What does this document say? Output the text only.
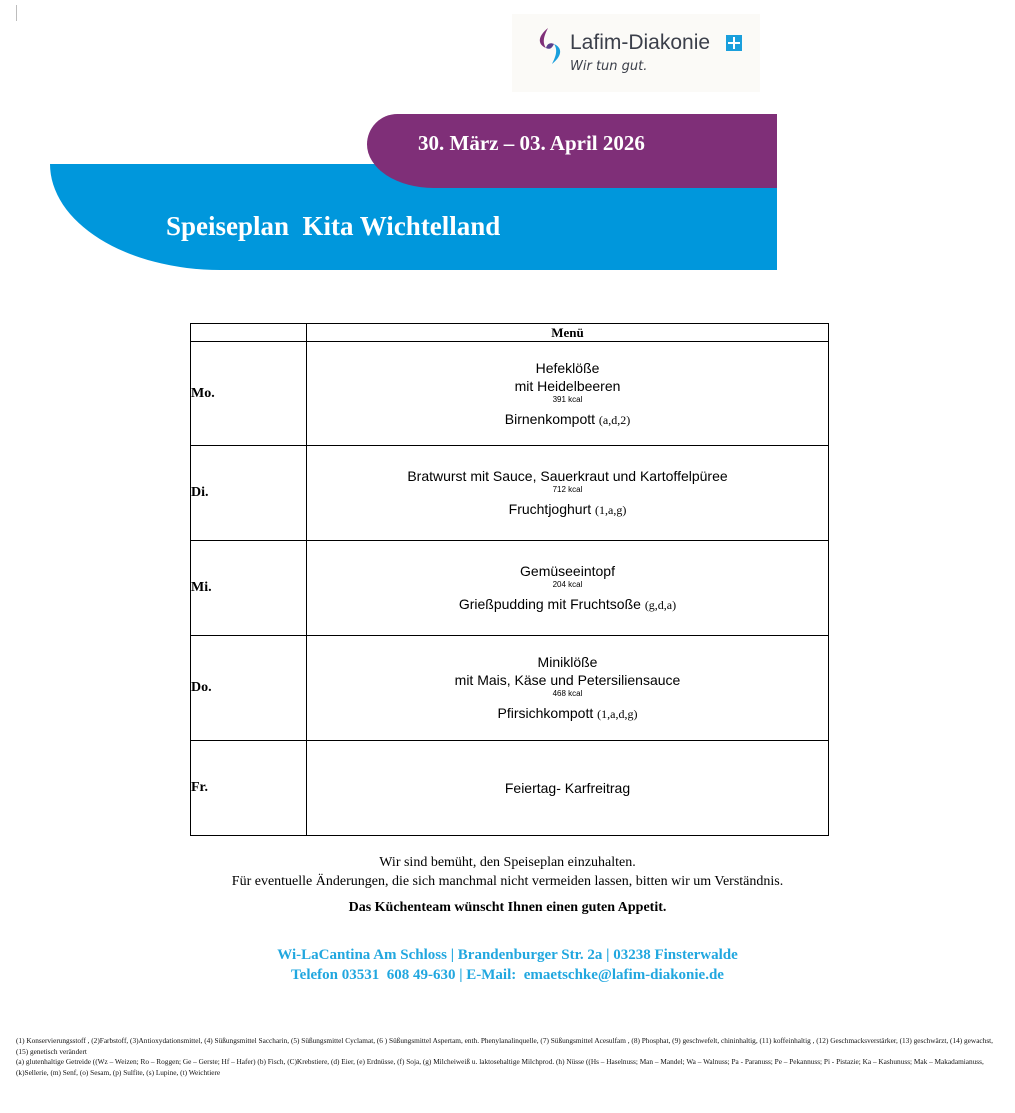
Lafim-Diakonie
Wir tun gut.
30. März – 03. April 2026
Speiseplan  Kita Wichtelland
	Menü
Mo.	Hefeklöße
mit Heidelbeeren
391 kcal
Birnenkompott (a,d,2)

Di.	Bratwurst mit Sauce, Sauerkraut und Kartoffelpüree
712 kcal
Fruchtjoghurt (1,a,g)

Mi.	Gemüseeintopf
204 kcal
Grießpudding mit Fruchtsoße (g,d,a)

Do.	Miniklöße
mit Mais, Käse und Petersiliensauce
468 kcal
Pfirsichkompott (1,a,d,g)

Fr.	Feiertag- Karfreitrag
Wir sind bemüht, den Speiseplan einzuhalten.
Für eventuelle Änderungen, die sich manchmal nicht vermeiden lassen, bitten wir um Verständnis.
Das Küchenteam wünscht Ihnen einen guten Appetit.
Wi-LaCantina Am Schloss | Brandenburger Str. 2a | 03238 Finsterwalde
Telefon 03531  608 49-630 | E-Mail:  emaetschke@lafim-diakonie.de
(1) Konservierungsstoff , (2)Farbstoff, (3)Antioxydationsmittel, (4) Süßungsmittel Saccharin, (5) Süßungsmittel Cyclamat, (6 ) Süßungsmittel Aspertam, enth. Phenylanalinquelle, (7) Süßungsmittel Acesulfam , (8) Phosphat, (9) geschwefelt, chininhaltig, (11) koffeinhaltig , (12) Geschmacksverstärker, (13) geschwärzt, (14) gewachst, (15) genetisch verändert
(a) glutenhaltige Getreide ((Wz – Weizen; Ro – Roggen; Ge – Gerste; Hf – Hafer) (b) Fisch, (C)Krebstiere, (d) Eier, (e) Erdnüsse, (f) Soja, (g) Milcheiweiß u. laktosehaltige Milchprod. (h) Nüsse ((Hs – Haselnuss; Man – Mandel; Wa – Walnuss; Pa - Paranuss; Pe – Pekannuss; Pi - Pistazie; Ka – Kashunuss; Mak – Makadamianuss, (k)Sellerie, (m) Senf, (o) Sesam, (p) Sulfite, (s) Lupine, (t) Weichtiere
